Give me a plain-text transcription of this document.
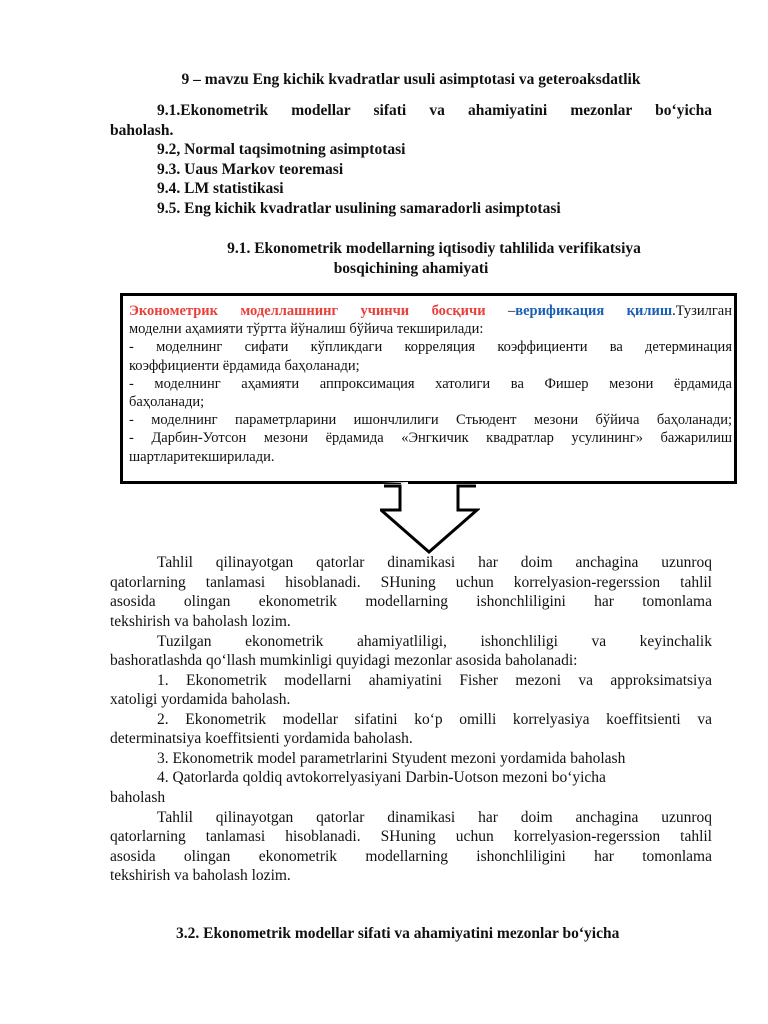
9 – mavzu Eng kichik kvadratlar usuli asimptotasi va geteroaksdatlik
9.1.Ekonometrik modellar sifati va ahamiyatini mezonlar bo‘yicha
baholash.
9.2, Normal taqsimotning asimptotasi
9.3. Uaus Markov teoremasi
9.4. LM statistikasi
9.5. Eng kichik kvadratlar usulining samaradorli asimptotasi
9.1. Ekonometrik modellarning iqtisodiy tahlilida verifikatsiya
bosqichining ahamiyati
Эконометрик моделлашнинг учинчи босқичи –верификация қилиш.Тузилган
моделни аҳамияти тўртта йўналиш бўйича текширилади:
- моделнинг сифати кўпликдаги корреляция коэффициенти ва детерминация
коэффициенти ёрдамида баҳоланади;
- моделнинг аҳамияти аппроксимация хатолиги ва Фишер мезони ёрдамида
баҳоланади;
- моделнинг параметрларини ишончлилиги Стьюдент мезони бўйича баҳоланади;
- Дарбин-Уотсон мезони ёрдамида «Энгкичик квадратлар усулининг» бажарилиш
шартларитекширилади.
Tahlil qilinayotgan qatorlar dinamikasi har doim anchagina uzunroq
qatorlarning tanlamasi hisoblanadi. SHuning uchun korrelyasion-regerssion tahlil
asosida olingan ekonometrik modellarning ishonchliligini har tomonlama
tekshirish va baholash lozim.
Tuzilgan ekonometrik ahamiyatliligi, ishonchliligi va keyinchalik
bashoratlashda qo‘llash mumkinligi quyidagi mezonlar asosida baholanadi:
1. Ekonometrik modellarni ahamiyatini Fisher mezoni va approksimatsiya
xatoligi yordamida baholash.
2. Ekonometrik modellar sifatini ko‘p omilli korrelyasiya koeffitsienti va
determinatsiya koeffitsienti yordamida baholash.
3. Ekonometrik model parametrlarini Styudent mezoni yordamida baholash
4. Qatorlarda qoldiq avtokorrelyasiyani Darbin-Uotson mezoni bo‘yicha
baholash
Tahlil qilinayotgan qatorlar dinamikasi har doim anchagina uzunroq
qatorlarning tanlamasi hisoblanadi. SHuning uchun korrelyasion-regerssion tahlil
asosida olingan ekonometrik modellarning ishonchliligini har tomonlama
tekshirish va baholash lozim.
3.2. Ekonometrik modellar sifati va ahamiyatini mezonlar bo‘yicha
